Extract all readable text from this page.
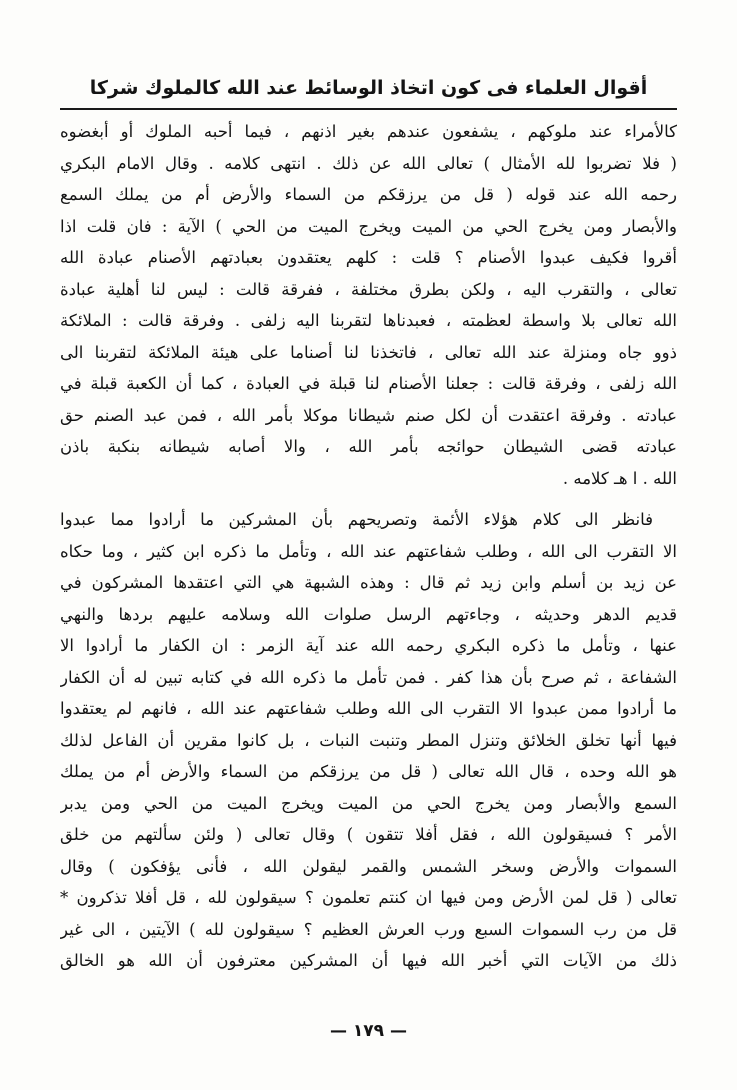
أقوال العلماء فى كون اتخاذ الوسائط عند الله كالملوك شركا
كالأمراء عند ملوكهم ، يشفعون عندهم بغير اذنهم ، فيما أحبه الملوك أو أبغضوه
( فلا تضربوا لله الأمثال ) تعالى الله عن ذلك . انتهى كلامه . وقال الامام البكري
رحمه الله عند قوله ( قل من يرزقكم من السماء والأرض أم من يملك السمع
والأبصار ومن يخرج الحي من الميت ويخرج الميت من الحي ) الآية : فان قلت اذا
أقروا فكيف عبدوا الأصنام ؟ قلت : كلهم يعتقدون بعبادتهم الأصنام عبادة الله
تعالى ، والتقرب اليه ، ولكن بطرق مختلفة ، ففرقة قالت : ليس لنا أهلية عبادة
الله تعالى بلا واسطة لعظمته ، فعبدناها لتقربنا اليه زلفى . وفرقة قالت : الملائكة
ذوو جاه ومنزلة عند الله تعالى ، فاتخذنا لنا أصناما على هيئة الملائكة لتقربنا الى
الله زلفى ، وفرقة قالت : جعلنا الأصنام لنا قبلة في العبادة ، كما أن الكعبة قبلة في
عبادته . وفرقة اعتقدت أن لكل صنم شيطانا موكلا بأمر الله ، فمن عبد الصنم حق
عبادته قضى الشيطان حوائجه بأمر الله ، والا أصابه شيطانه بنكبة باذن
الله . ا هـ كلامه .
فانظر الى كلام هؤلاء الأئمة وتصريحهم بأن المشركين ما أرادوا مما عبدوا
الا التقرب الى الله ، وطلب شفاعتهم عند الله ، وتأمل ما ذكره ابن كثير ، وما حكاه
عن زيد بن أسلم وابن زيد ثم قال : وهذه الشبهة هي التي اعتقدها المشركون في
قديم الدهر وحديثه ، وجاءتهم الرسل صلوات الله وسلامه عليهم بردها والنهي
عنها ، وتأمل ما ذكره البكري رحمه الله عند آية الزمر : ان الكفار ما أرادوا الا
الشفاعة ، ثم صرح بأن هذا كفر . فمن تأمل ما ذكره الله في كتابه تبين له أن الكفار
ما أرادوا ممن عبدوا الا التقرب الى الله وطلب شفاعتهم عند الله ، فانهم لم يعتقدوا
فيها أنها تخلق الخلائق وتنزل المطر وتنبت النبات ، بل كانوا مقرين أن الفاعل لذلك
هو الله وحده ، قال الله تعالى ( قل من يرزقكم من السماء والأرض أم من يملك
السمع والأبصار ومن يخرج الحي من الميت ويخرج الميت من الحي ومن يدبر
الأمر ؟ فسيقولون الله ، فقل أفلا تتقون ) وقال تعالى ( ولئن سألتهم من خلق
السموات والأرض وسخر الشمس والقمر ليقولن الله ، فأنى يؤفكون ) وقال
تعالى ( قل لمن الأرض ومن فيها ان كنتم تعلمون ؟ سيقولون لله ، قل أفلا تذكرون *
قل من رب السموات السبع ورب العرش العظيم ؟ سيقولون لله ) الآيتين ، الى غير
ذلك من الآيات التي أخبر الله فيها أن المشركين معترفون أن الله هو الخالق
— ١٧٩ —
